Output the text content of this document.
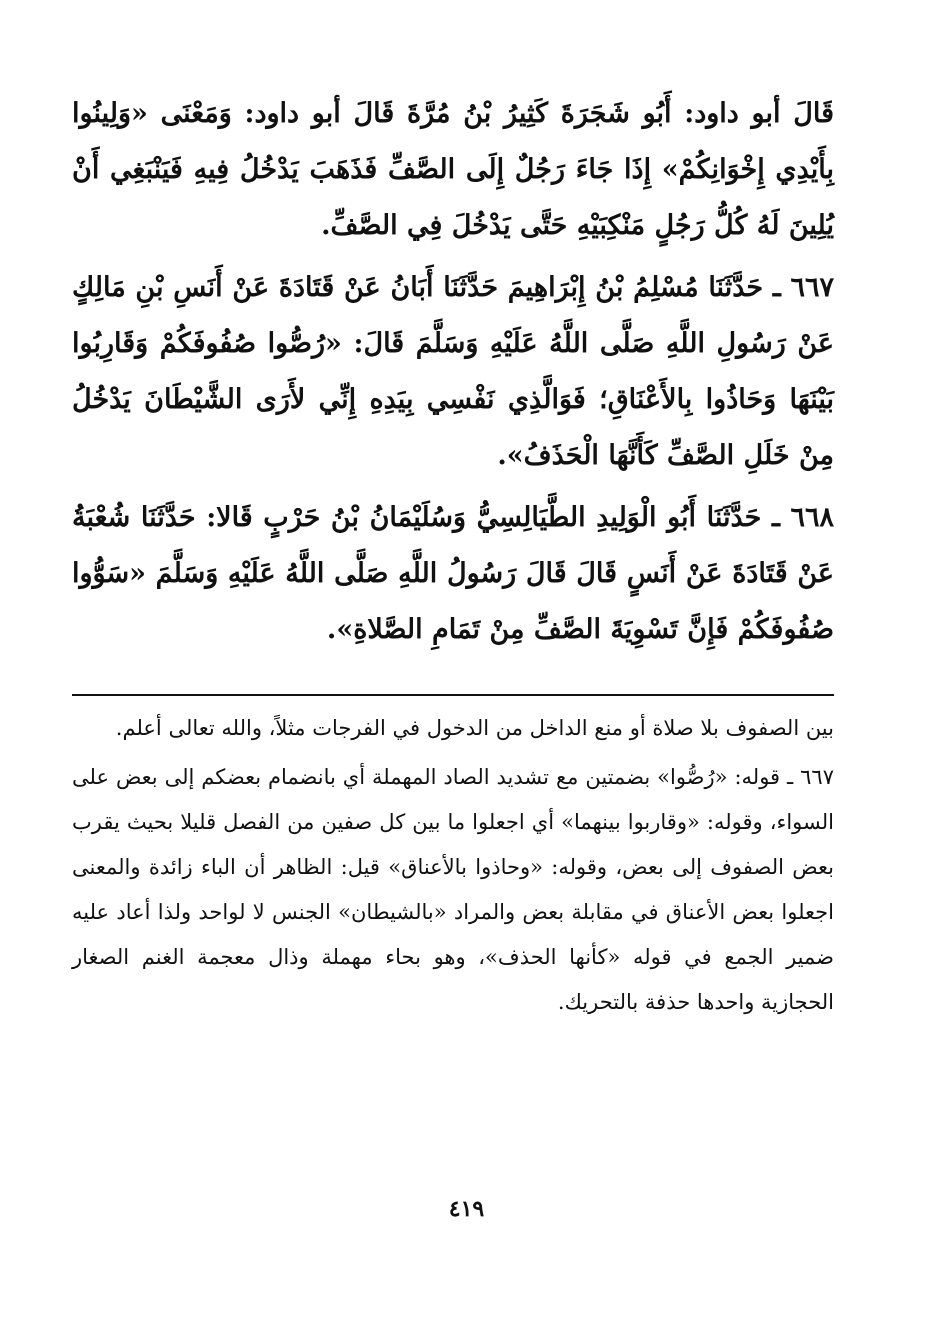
قَالَ أبو داود: أَبُو شَجَرَةَ كَثِيرُ بْنُ مُرَّةَ قَالَ أبو داود: وَمَعْنَى «وَلِينُوا بِأَيْدِي إِخْوَانِكُمْ» إِذَا جَاءَ رَجُلٌ إِلَى الصَّفِّ فَذَهَبَ يَدْخُلُ فِيهِ فَيَنْبَغِي أَنْ يُلِينَ لَهُ كُلُّ رَجُلٍ مَنْكِبَيْهِ حَتَّى يَدْخُلَ فِي الصَّفِّ.

٦٦٧ ـ حَدَّثَنَا مُسْلِمُ بْنُ إِبْرَاهِيمَ حَدَّثَنَا أَبَانُ عَنْ قَتَادَةَ عَنْ أَنَسِ بْنِ مَالِكٍ عَنْ رَسُولِ اللَّهِ صَلَّى اللَّهُ عَلَيْهِ وَسَلَّمَ قَالَ: «رُصُّوا صُفُوفَكُمْ وَقَارِبُوا بَيْنَهَا وَحَاذُوا بِالأَعْنَاقِ؛ فَوَالَّذِي نَفْسِي بِيَدِهِ إِنِّي لأَرَى الشَّيْطَانَ يَدْخُلُ مِنْ خَلَلِ الصَّفِّ كَأَنَّهَا الْحَذَفُ».

٦٦٨ ـ حَدَّثَنَا أَبُو الْوَلِيدِ الطَّيَالِسِيُّ وَسُلَيْمَانُ بْنُ حَرْبٍ قَالا: حَدَّثَنَا شُعْبَةُ عَنْ قَتَادَةَ عَنْ أَنَسٍ قَالَ قَالَ رَسُولُ اللَّهِ صَلَّى اللَّهُ عَلَيْهِ وَسَلَّمَ «سَوُّوا صُفُوفَكُمْ فَإِنَّ تَسْوِيَةَ الصَّفِّ مِنْ تَمَامِ الصَّلاةِ».

بين الصفوف بلا صلاة أو منع الداخل من الدخول في الفرجات مثلاً، والله تعالى أعلم.

٦٦٧ ـ قوله: «رُصُّوا» بضمتين مع تشديد الصاد المهملة أي بانضمام بعضكم إلى بعض على السواء، وقوله: «وقاربوا بينهما» أي اجعلوا ما بين كل صفين من الفصل قليلا بحيث يقرب بعض الصفوف إلى بعض، وقوله: «وحاذوا بالأعناق» قيل: الظاهر أن الباء زائدة والمعنى اجعلوا بعض الأعناق في مقابلة بعض والمراد «بالشيطان» الجنس لا لواحد ولذا أعاد عليه ضمير الجمع في قوله «كأنها الحذف»، وهو بحاء مهملة وذال معجمة الغنم الصغار الحجازية واحدها حذفة بالتحريك.

٤١٩
